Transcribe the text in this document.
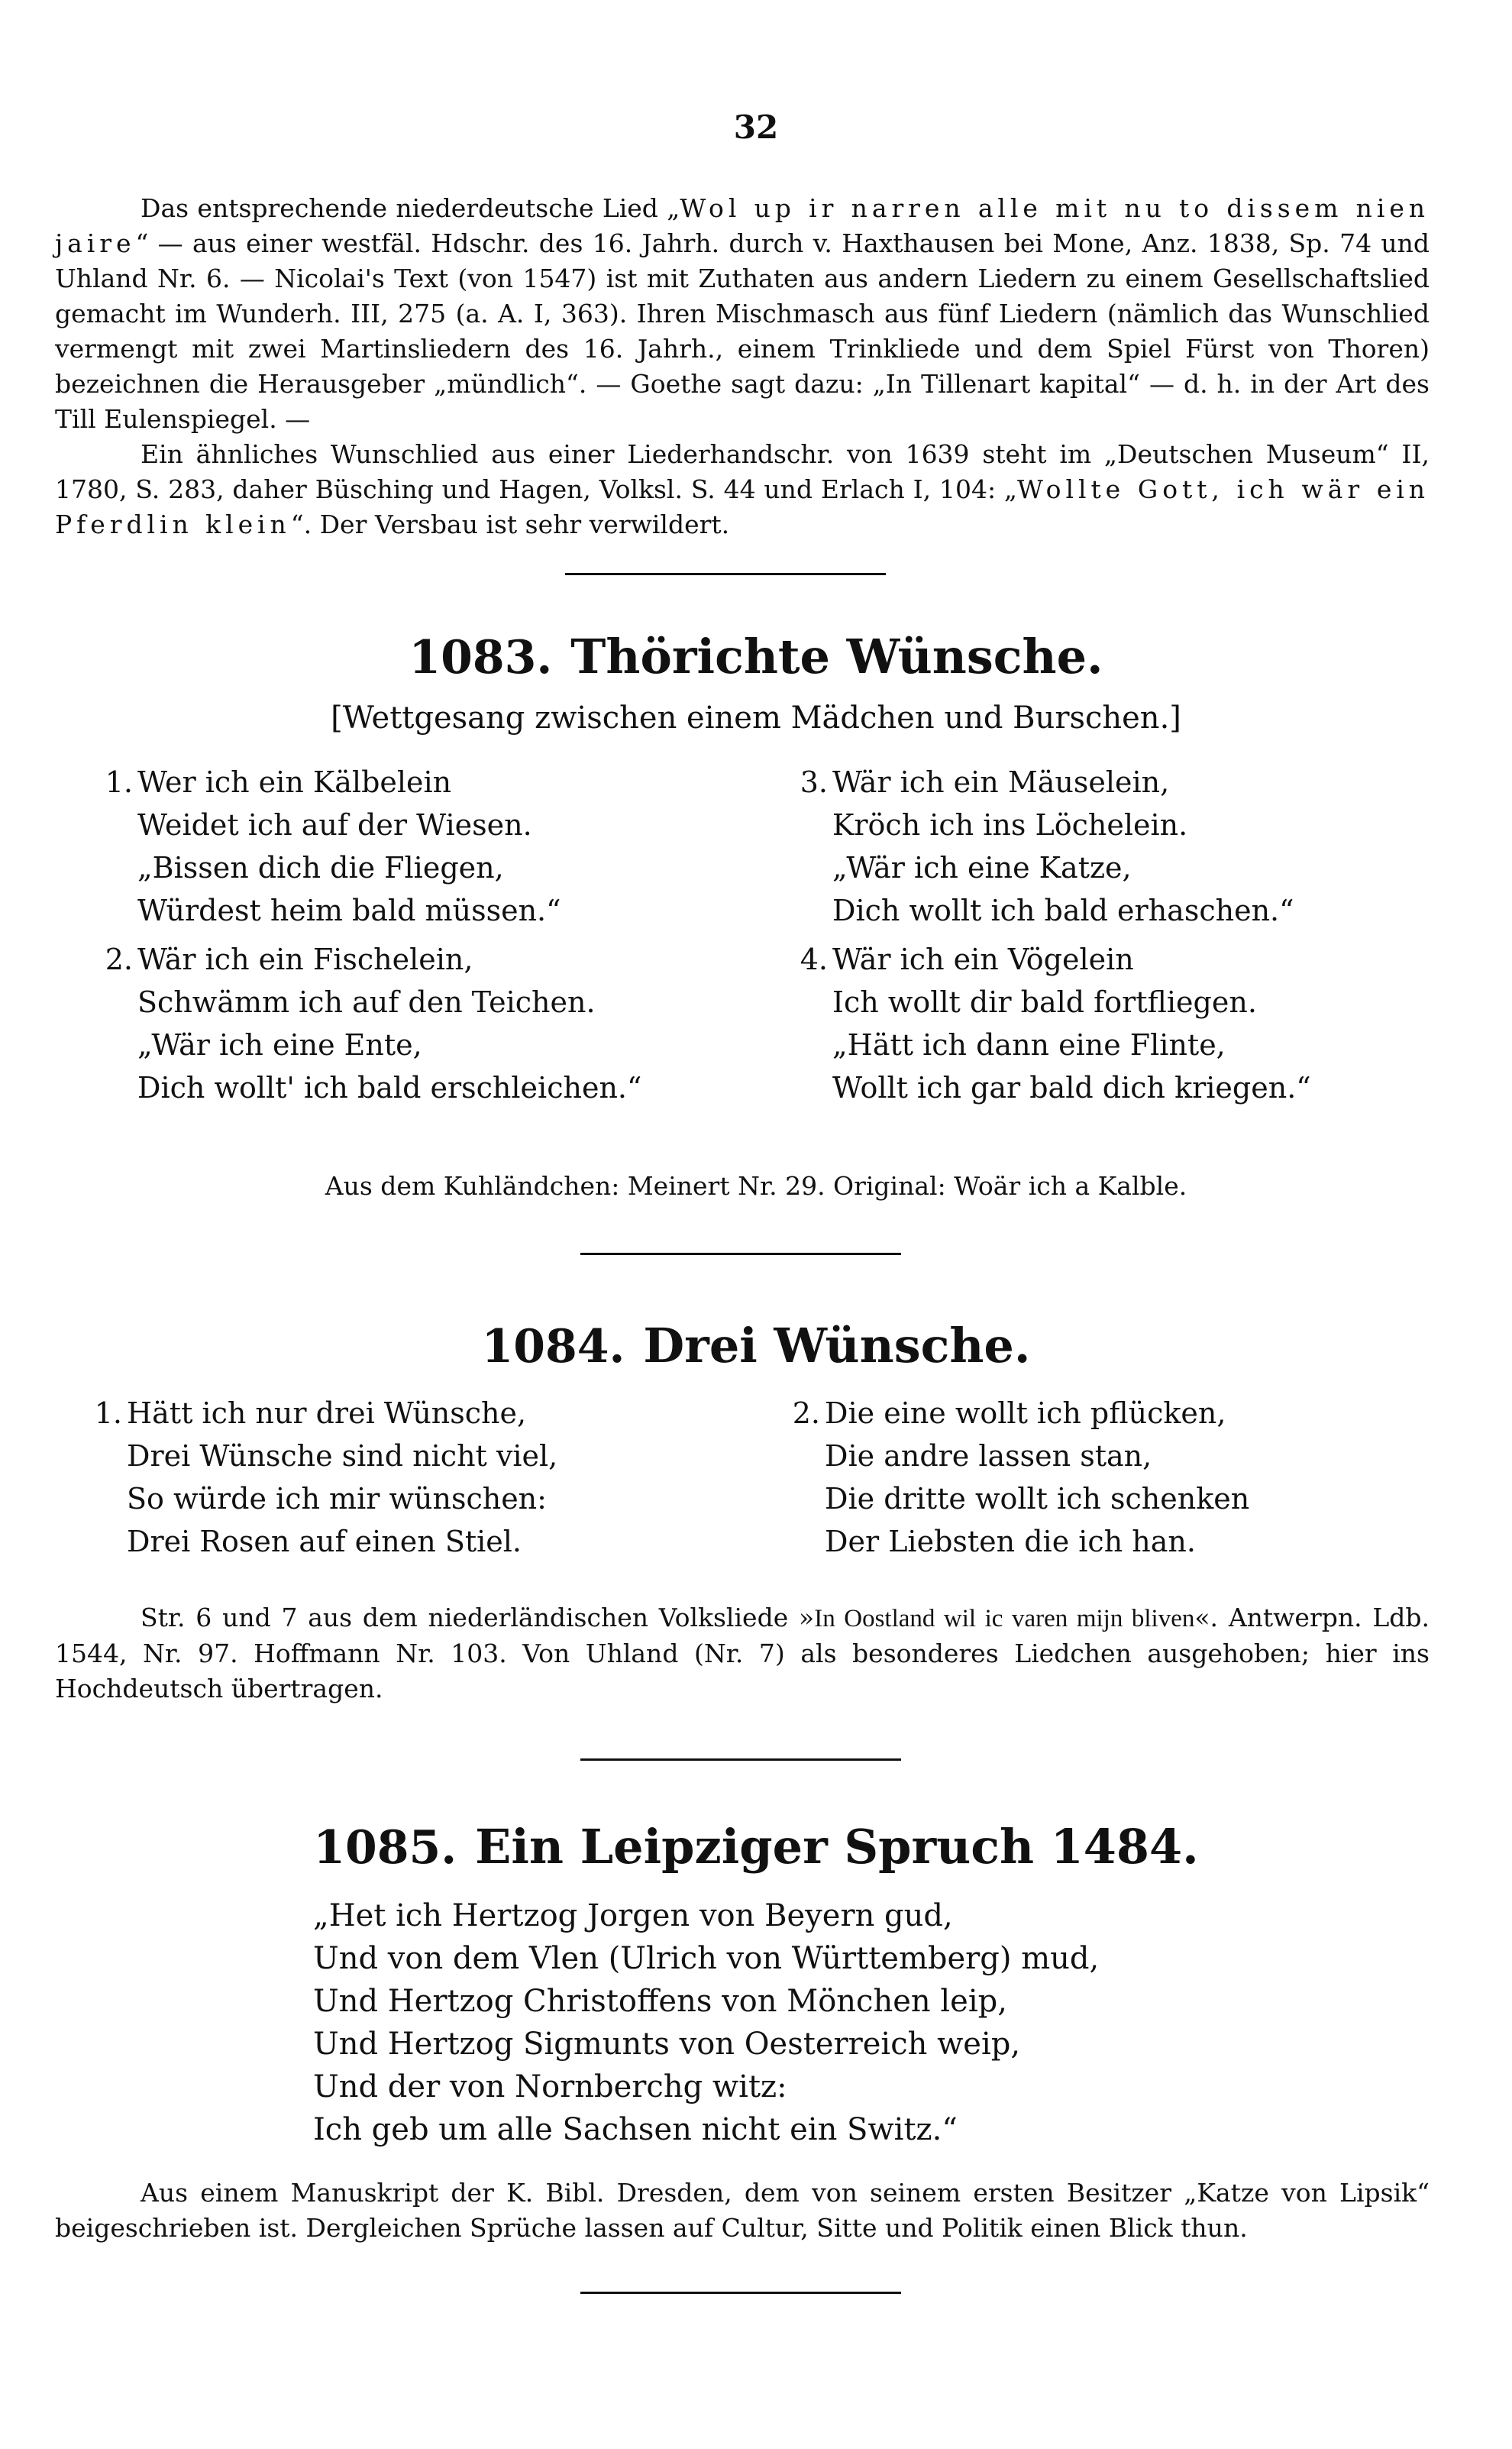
32

Das entsprechende niederdeutsche Lied „Wol up ir narren alle mit nu to dissem nien jaire“ — aus einer westfäl. Hdschr. des 16. Jahrh. durch v. Haxthausen bei Mone, Anz. 1838, Sp. 74 und Uhland Nr. 6. — Nicolai's Text (von 1547) ist mit Zuthaten aus andern Liedern zu einem Gesellschaftslied gemacht im Wunderh. III, 275 (a. A. I, 363). Ihren Mischmasch aus fünf Liedern (nämlich das Wunschlied vermengt mit zwei Martinsliedern des 16. Jahrh., einem Trinkliede und dem Spiel Fürst von Thoren) bezeichnen die Herausgeber „mündlich“. — Goethe sagt dazu: „In Tillenart kapital“ — d. h. in der Art des Till Eulenspiegel. —

Ein ähnliches Wunschlied aus einer Liederhandschr. von 1639 steht im „Deutschen Museum“ II, 1780, S. 283, daher Büsching und Hagen, Volksl. S. 44 und Erlach I, 104: „Wollte Gott, ich wär ein Pferdlin klein“. Der Versbau ist sehr verwildert.

1083. Thörichte Wünsche.
[Wettgesang zwischen einem Mädchen und Burschen.]
1. Wer ich ein Kälbelein
Weidet ich auf der Wiesen.
„Bissen dich die Fliegen,
Würdest heim bald müssen.“
2. Wär ich ein Fischelein,
Schwämm ich auf den Teichen.
„Wär ich eine Ente,
Dich wollt' ich bald erschleichen.“
3. Wär ich ein Mäuselein,
Kröch ich ins Löchelein.
„Wär ich eine Katze,
Dich wollt ich bald erhaschen.“
4. Wär ich ein Vögelein
Ich wollt dir bald fortfliegen.
„Hätt ich dann eine Flinte,
Wollt ich gar bald dich kriegen.“
Aus dem Kuhländchen: Meinert Nr. 29. Original: Woär ich a Kalble.
1084. Drei Wünsche.
1. Hätt ich nur drei Wünsche,
Drei Wünsche sind nicht viel,
So würde ich mir wünschen:
Drei Rosen auf einen Stiel.
2. Die eine wollt ich pflücken,
Die andre lassen stan,
Die dritte wollt ich schenken
Der Liebsten die ich han.

Str. 6 und 7 aus dem niederländischen Volksliede »In Oostland wil ic varen mijn bliven«. Antwerpn. Ldb. 1544, Nr. 97. Hoffmann Nr. 103. Von Uhland (Nr. 7) als besonderes Liedchen ausgehoben; hier ins Hochdeutsch übertragen.

1085. Ein Leipziger Spruch 1484.
„Het ich Hertzog Jorgen von Beyern gud,
Und von dem Vlen (Ulrich von Württemberg) mud,
Und Hertzog Christoffens von Mönchen leip,
Und Hertzog Sigmunts von Oesterreich weip,
Und der von Nornberchg witz:
Ich geb um alle Sachsen nicht ein Switz.“

Aus einem Manuskript der K. Bibl. Dresden, dem von seinem ersten Besitzer „Katze von Lipsik“ beigeschrieben ist. Dergleichen Sprüche lassen auf Cultur, Sitte und Politik einen Blick thun.
